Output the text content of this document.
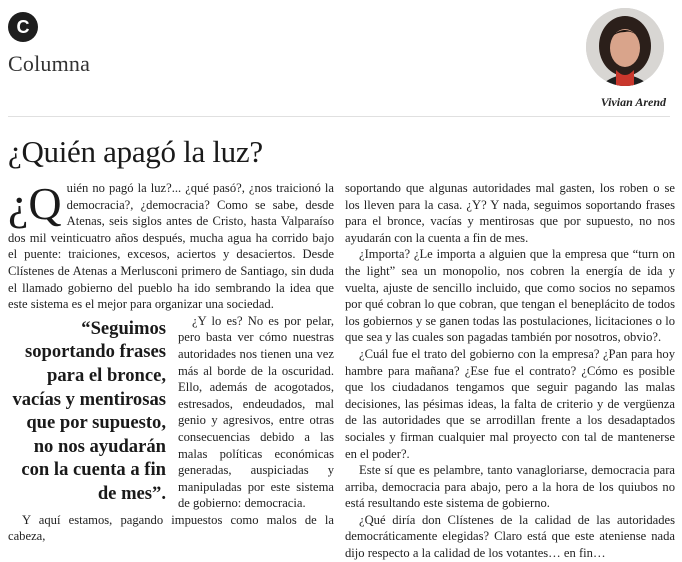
C
Columna
Vivian Arend
¿Quién apagó la luz?

¿Q uién no pagó la luz?... ¿qué pasó?, ¿nos traicionó la democracia?, ¿democracia? Como se sabe, desde Atenas, seis siglos antes de Cristo, hasta Valparaíso dos mil veinticuatro años después, mucha agua ha corrido bajo el puente: traiciones, excesos, aciertos y desaciertos. Desde Clístenes de Atenas a Merlusconi primero de Santiago, sin duda el llamado gobierno del pueblo ha ido sembrando la idea que este sistema es el mejor para organizar una sociedad.

“Seguimos soportando frases para el bronce, vacías y mentirosas que por supuesto, no nos ayudarán con la cuenta a fin de mes”.
¿Y lo es? No es por pelar, pero basta ver cómo nuestras autoridades nos tienen una vez más al borde de la oscuridad. Ello, además de acogotados, estresados, endeudados, mal genio y agresivos, entre otras consecuencias debido a las malas políticas económicas generadas, auspiciadas y manipuladas por este sistema de gobierno: democracia.

Y aquí estamos, pagando impuestos como malos de la cabeza,

soportando que algunas autoridades mal gasten, los roben o se los lleven para la casa. ¿Y? Y nada, seguimos soportando frases para el bronce, vacías y mentirosas que por supuesto, no nos ayudarán con la cuenta a fin de mes.

¿Importa? ¿Le importa a alguien que la empresa que “turn on the light” sea un monopolio, nos cobren la energía de ida y vuelta, ajuste de sencillo incluido, que como socios no sepamos por qué cobran lo que cobran, que tengan el beneplácito de todos los gobiernos y se ganen todas las postulaciones, licitaciones o lo que sea y las cuales son pagadas también por nosotros, obvio?.

¿Cuál fue el trato del gobierno con la empresa? ¿Pan para hoy hambre para mañana? ¿Ese fue el contrato? ¿Cómo es posible que los ciudadanos tengamos que seguir pagando las malas decisiones, las pésimas ideas, la falta de criterio y de vergüenza de las autoridades que se arrodillan frente a los desadaptados sociales y firman cualquier mal proyecto con tal de mantenerse en el poder?.

Este sí que es pelambre, tanto vanagloriarse, democracia para arriba, democracia para abajo, pero a la hora de los quiubos no está resultando este sistema de gobierno.

¿Qué diría don Clístenes de la calidad de las autoridades democráticamente elegidas? Claro está que este ateniense nada dijo respecto a la calidad de los votantes… en fin…
